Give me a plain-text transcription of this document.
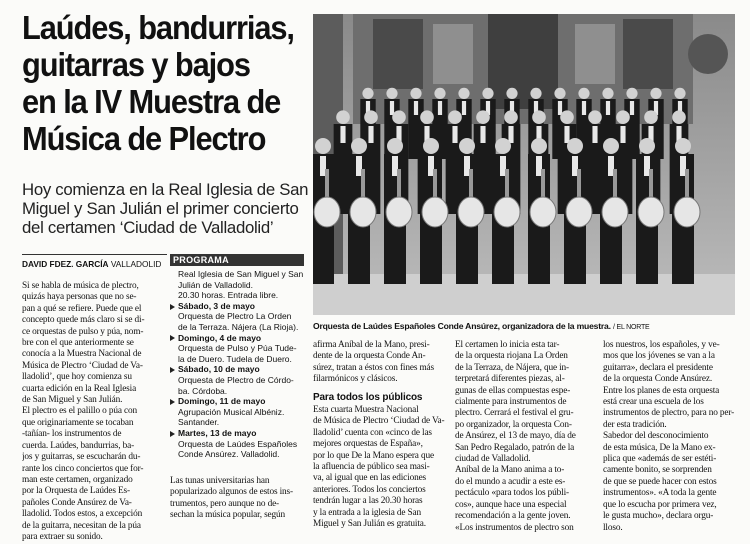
Laúdes, bandurrias,
guitarras y bajos
en la IV Muestra de
Música de Plectro
Hoy comienza en la Real Iglesia de San
Miguel y San Julián el primer concierto
del certamen ‘Ciudad de Valladolid’
Orquesta de Laúdes Españoles Conde Ansúrez, organizadora de la muestra. / EL NORTE
DAVID FDEZ. GARCÍA VALLADOLID
Si se habla de música de plectro,
quizás haya personas que no se-
pan a qué se refiere. Puede que el
concepto quede más claro si se di-
ce orquestas de pulso y púa, nom-
bre con el que anteriormente se
conocía a la Muestra Nacional de
Música de Plectro ‘Ciudad de Va-
lladolid’, que hoy comienza su
cuarta edición en la Real Iglesia
de San Miguel y San Julián.
El plectro es el palillo o púa con
que originariamente se tocaban
-tañían- los instrumentos de
cuerda. Laúdes, bandurrias, ba-
jos y guitarras, se escucharán du-
rante los cinco conciertos que for-
man este certamen, organizado
por la Orquesta de Laúdes Es-
pañoles Conde Ansúrez de Va-
lladolid. Todos estos, a excepción
de la guitarra, necesitan de la púa
para extraer su sonido.
PROGRAMA
Real Iglesia de San Miguel y San
Julián de Valladolid.
20.30 horas. Entrada libre.
Sábado, 3 de mayo
Orquesta de Plectro La Orden
de la Terraza. Nájera (La Rioja).
Domingo, 4 de mayo
Orquesta de Pulso y Púa Tude-
la de Duero. Tudela de Duero.
Sábado, 10 de mayo
Orquesta de Plectro de Córdo-
ba. Córdoba.
Domingo, 11 de mayo
Agrupación Musical Albéniz.
Santander.
Martes, 13 de mayo
Orquesta de Laúdes Españoles
Conde Ansúrez. Valladolid.
Las tunas universitarias han
popularizado algunos de estos ins-
trumentos, pero aunque no de-
sechan la música popular, según
afirma Aníbal de la Mano, presi-
dente de la orquesta Conde An-
súrez, tratan a éstos con fines más
filarmónicos y clásicos.
Para todos los públicos
Esta cuarta Muestra Nacional
de Música de Plectro ‘Ciudad de Va-
lladolid’ cuenta con «cinco de las
mejores orquestas de España»,
por lo que De la Mano espera que
la afluencia de público sea masi-
va, al igual que en las ediciones
anteriores. Todos los conciertos
tendrán lugar a las 20.30 horas
y la entrada a la iglesia de San
Miguel y San Julián es gratuita.
El certamen lo inicia esta tar-
de la orquesta riojana La Orden
de la Terraza, de Nájera, que in-
terpretará diferentes piezas, al-
gunas de ellas compuestas espe-
cialmente para instrumentos de
plectro. Cerrará el festival el gru-
po organizador, la orquesta Con-
de Ansúrez, el 13 de mayo, día de
San Pedro Regalado, patrón de la
ciudad de Valladolid.
Aníbal de la Mano anima a to-
do el mundo a acudir a este es-
pectáculo «para todos los públi-
cos», aunque hace una especial
recomendación a la gente joven.
«Los instrumentos de plectro son
los nuestros, los españoles, y ve-
mos que los jóvenes se van a la
guitarra», declara el presidente
de la orquesta Conde Ansúrez.
Entre los planes de esta orquesta
está crear una escuela de los
instrumentos de plectro, para no per-
der esta tradición.
Sabedor del desconocimiento
de esta música, De la Mano ex-
plica que «además de ser estéti-
camente bonito, se sorprenden
de que se puede hacer con estos
instrumentos». «A toda la gente
que lo escucha por primera vez,
le gusta mucho», declara orgu-
lloso.
